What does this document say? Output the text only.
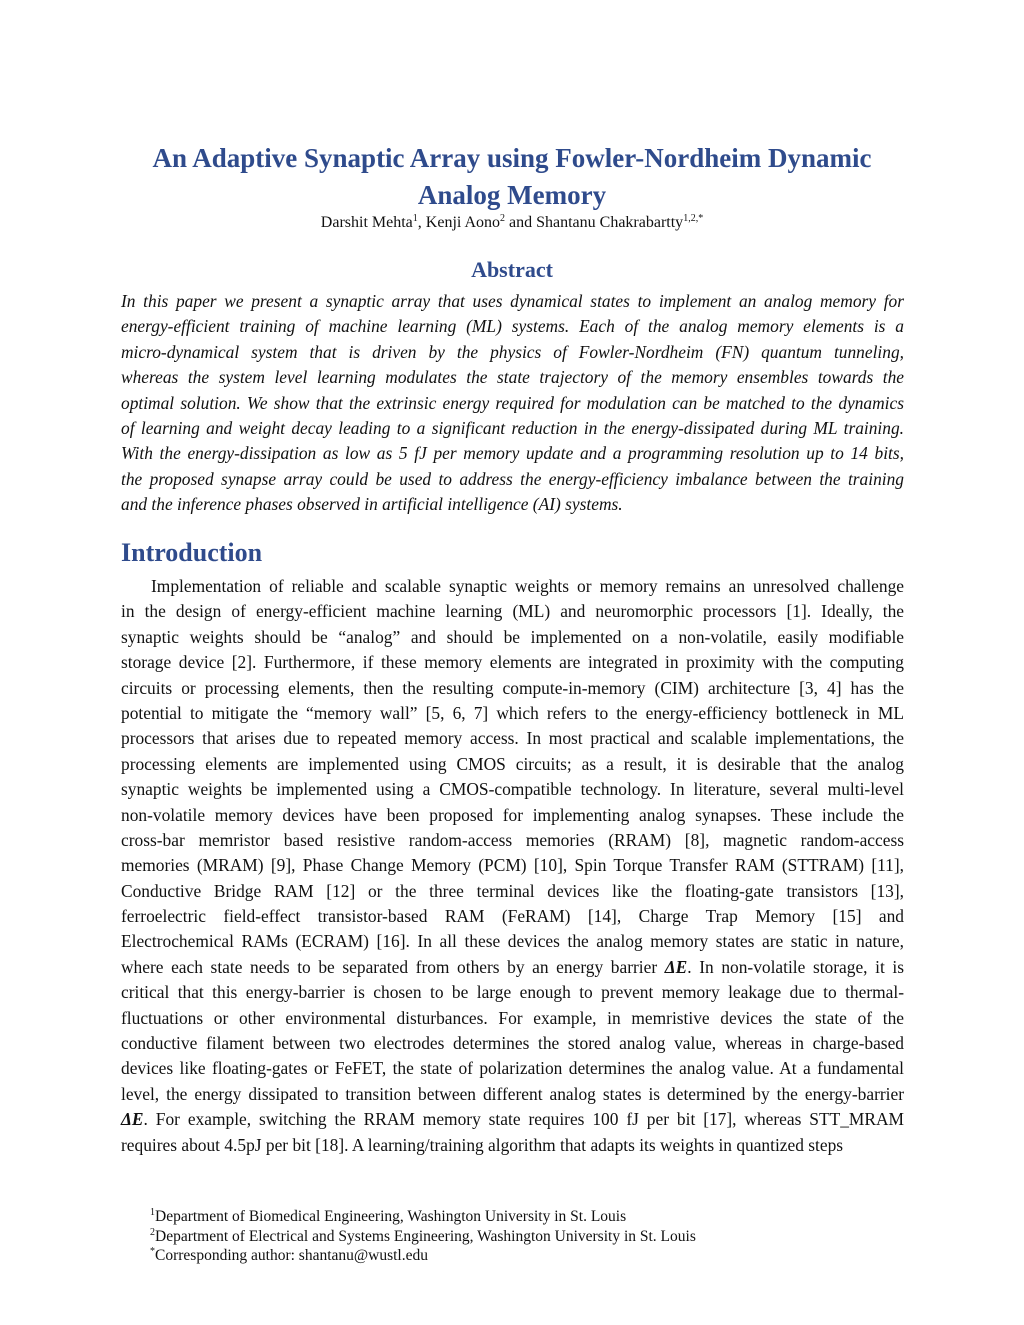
An Adaptive Synaptic Array using Fowler-Nordheim Dynamic
Analog Memory
Darshit Mehta$^1$, Kenji Aono$^2$ and Shantanu Chakrabartty$^{1,2,*}$
Abstract
In this paper we present a synaptic array that uses dynamical states to implement an analog memory for
energy-efficient training of machine learning (ML) systems. Each of the analog memory elements is a
micro-dynamical system that is driven by the physics of Fowler-Nordheim (FN) quantum tunneling,
whereas the system level learning modulates the state trajectory of the memory ensembles towards the
optimal solution. We show that the extrinsic energy required for modulation can be matched to the dynamics
of learning and weight decay leading to a significant reduction in the energy-dissipated during ML training.
With the energy-dissipation as low as 5 fJ per memory update and a programming resolution up to 14 bits,
the proposed synapse array could be used to address the energy-efficiency imbalance between the training
and the inference phases observed in artificial intelligence (AI) systems.
Introduction
Implementation of reliable and scalable synaptic weights or memory remains an unresolved challenge
in the design of energy-efficient machine learning (ML) and neuromorphic processors [1]. Ideally, the
synaptic weights should be “analog” and should be implemented on a non-volatile, easily modifiable
storage device [2]. Furthermore, if these memory elements are integrated in proximity with the computing
circuits or processing elements, then the resulting compute-in-memory (CIM) architecture [3, 4] has the
potential to mitigate the “memory wall” [5, 6, 7] which refers to the energy-efficiency bottleneck in ML
processors that arises due to repeated memory access. In most practical and scalable implementations, the
processing elements are implemented using CMOS circuits; as a result, it is desirable that the analog
synaptic weights be implemented using a CMOS-compatible technology. In literature, several multi-level
non-volatile memory devices have been proposed for implementing analog synapses. These include the
cross-bar memristor based resistive random-access memories (RRAM) [8], magnetic random-access
memories (MRAM) [9], Phase Change Memory (PCM) [10], Spin Torque Transfer RAM (STTRAM) [11],
Conductive Bridge RAM [12] or the three terminal devices like the floating-gate transistors [13],
ferroelectric field-effect transistor-based RAM (FeRAM) [14], Charge Trap Memory [15] and
Electrochemical RAMs (ECRAM) [16]. In all these devices the analog memory states are static in nature,
where each state needs to be separated from others by an energy barrier ΔE. In non-volatile storage, it is
critical that this energy-barrier is chosen to be large enough to prevent memory leakage due to thermal-
fluctuations or other environmental disturbances. For example, in memristive devices the state of the
conductive filament between two electrodes determines the stored analog value, whereas in charge-based
devices like floating-gates or FeFET, the state of polarization determines the analog value. At a fundamental
level, the energy dissipated to transition between different analog states is determined by the energy-barrier
ΔE. For example, switching the RRAM memory state requires 100 fJ per bit [17], whereas STT_MRAM
requires about 4.5pJ per bit [18]. A learning/training algorithm that adapts its weights in quantized steps
$^1$Department of Biomedical Engineering, Washington University in St. Louis
$^2$Department of Electrical and Systems Engineering, Washington University in St. Louis
*Corresponding author: shantanu@wustl.edu
